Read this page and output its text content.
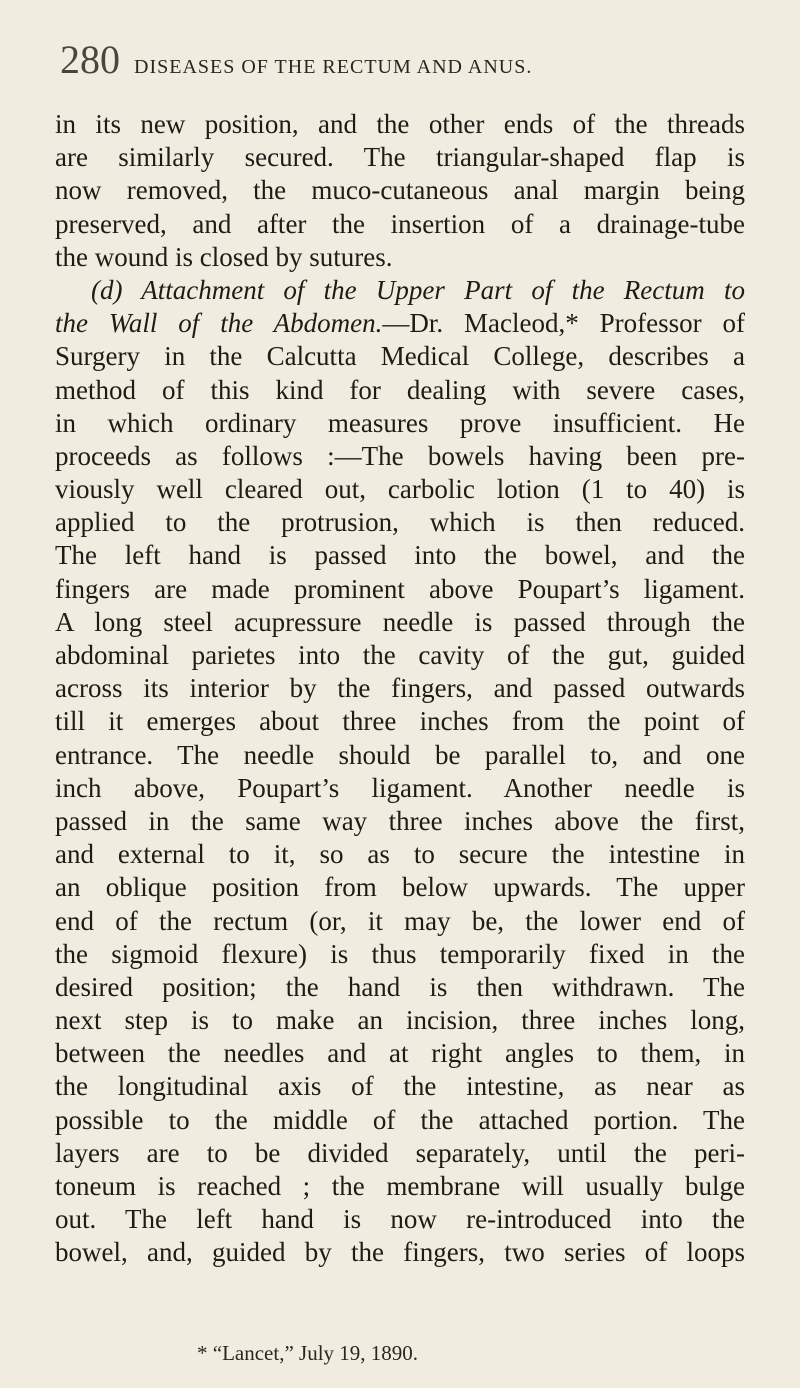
280 DISEASES OF THE RECTUM AND ANUS.
in its new position, and the other ends of the threads
are similarly secured. The triangular-shaped flap is
now removed, the muco-cutaneous anal margin being
preserved, and after the insertion of a drainage-tube
the wound is closed by sutures.
(d) Attachment of the Upper Part of the Rectum to
the Wall of the Abdomen.—Dr. Macleod,* Professor of
Surgery in the Calcutta Medical College, describes a
method of this kind for dealing with severe cases,
in which ordinary measures prove insufficient. He
proceeds as follows :—The bowels having been pre-
viously well cleared out, carbolic lotion (1 to 40) is
applied to the protrusion, which is then reduced.
The left hand is passed into the bowel, and the
fingers are made prominent above Poupart’s ligament.
A long steel acupressure needle is passed through the
abdominal parietes into the cavity of the gut, guided
across its interior by the fingers, and passed outwards
till it emerges about three inches from the point of
entrance. The needle should be parallel to, and one
inch above, Poupart’s ligament. Another needle is
passed in the same way three inches above the first,
and external to it, so as to secure the intestine in
an oblique position from below upwards. The upper
end of the rectum (or, it may be, the lower end of
the sigmoid flexure) is thus temporarily fixed in the
desired position; the hand is then withdrawn. The
next step is to make an incision, three inches long,
between the needles and at right angles to them, in
the longitudinal axis of the intestine, as near as
possible to the middle of the attached portion. The
layers are to be divided separately, until the peri-
toneum is reached ; the membrane will usually bulge
out. The left hand is now re-introduced into the
bowel, and, guided by the fingers, two series of loops
* “Lancet,” July 19, 1890.
